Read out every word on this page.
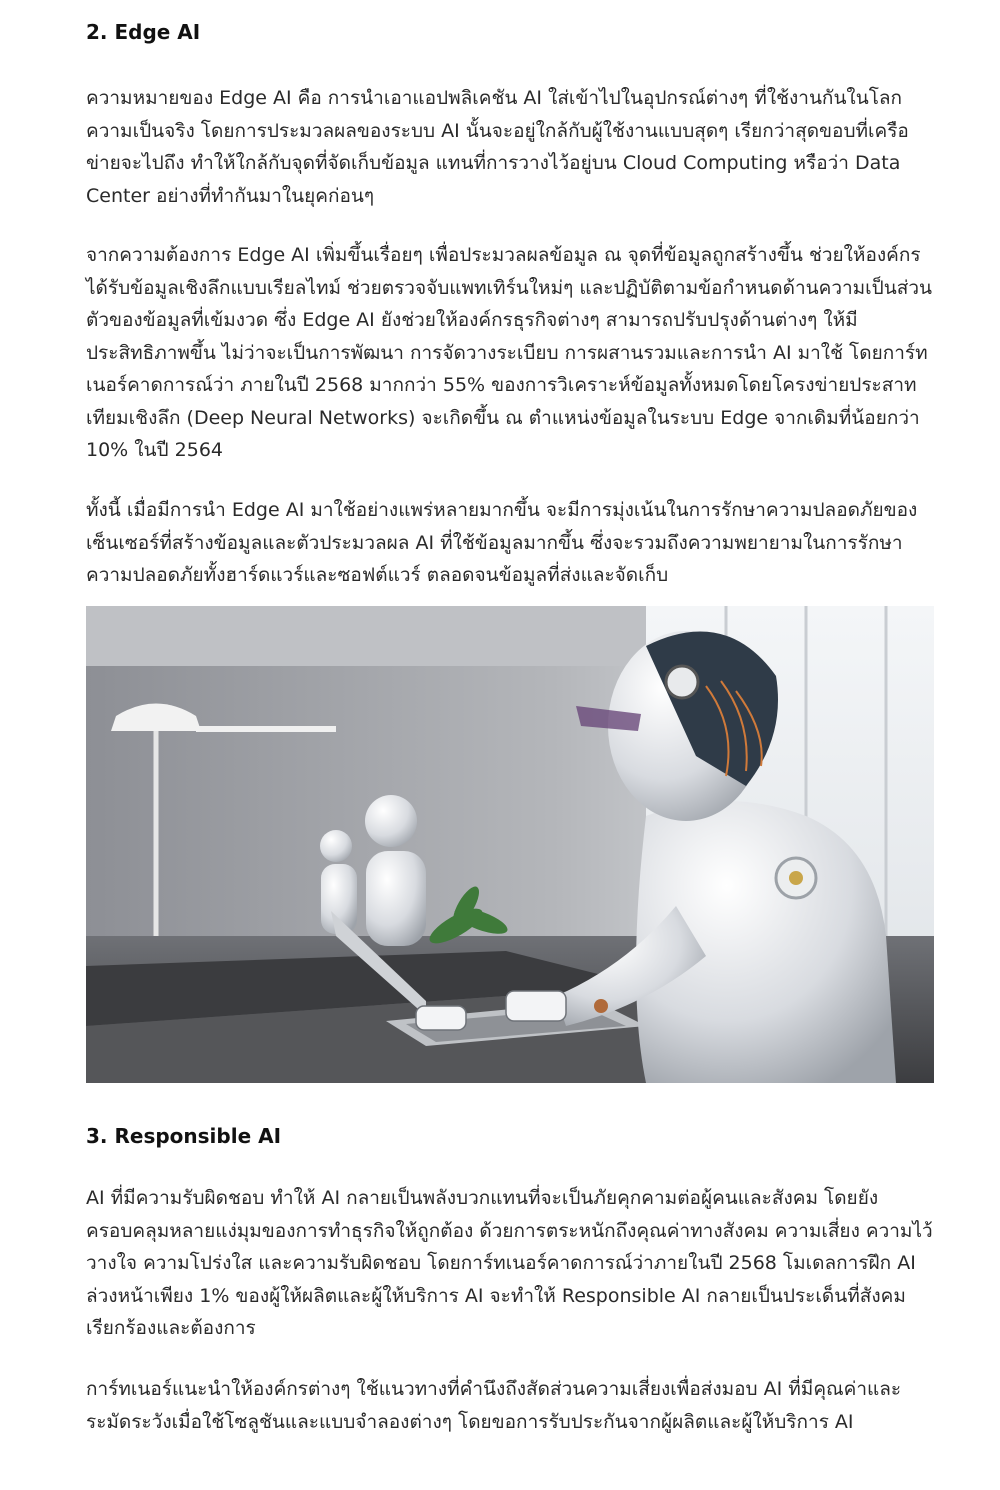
2. Edge AI

ความหมายของ Edge AI คือ การนำเอาแอปพลิเคชัน AI ใส่เข้าไปในอุปกรณ์ต่างๆ ที่ใช้งานกันในโลกความเป็นจริง โดยการประมวลผลของระบบ AI นั้นจะอยู่ใกล้กับผู้ใช้งานแบบสุดๆ เรียกว่าสุดขอบที่เครือข่ายจะไปถึง ทำให้ใกล้กับจุดที่จัดเก็บข้อมูล แทนที่การวางไว้อยู่บน Cloud Computing หรือว่า Data Center อย่างที่ทำกันมาในยุคก่อนๆ

จากความต้องการ Edge AI เพิ่มขึ้นเรื่อยๆ เพื่อประมวลผลข้อมูล ณ จุดที่ข้อมูลถูกสร้างขึ้น ช่วยให้องค์กรได้รับข้อมูลเชิงลึกแบบเรียลไทม์ ช่วยตรวจจับแพทเทิร์นใหม่ๆ และปฏิบัติตามข้อกำหนดด้านความเป็นส่วนตัวของข้อมูลที่เข้มงวด ซึ่ง Edge AI ยังช่วยให้องค์กรธุรกิจต่างๆ สามารถปรับปรุงด้านต่างๆ ให้มีประสิทธิภาพขึ้น ไม่ว่าจะเป็นการพัฒนา การจัดวางระเบียบ การผสานรวมและการนำ AI มาใช้ โดยการ์ทเนอร์คาดการณ์ว่า ภายในปี 2568 มากกว่า 55% ของการวิเคราะห์ข้อมูลทั้งหมดโดยโครงข่ายประสาทเทียมเชิงลึก (Deep Neural Networks) จะเกิดขึ้น ณ ตำแหน่งข้อมูลในระบบ Edge จากเดิมที่น้อยกว่า 10% ในปี 2564

ทั้งนี้ เมื่อมีการนำ Edge AI มาใช้อย่างแพร่หลายมากขึ้น จะมีการมุ่งเน้นในการรักษาความปลอดภัยของเซ็นเซอร์ที่สร้างข้อมูลและตัวประมวลผล AI ที่ใช้ข้อมูลมากขึ้น ซึ่งจะรวมถึงความพยายามในการรักษาความปลอดภัยทั้งฮาร์ดแวร์และซอฟต์แวร์ ตลอดจนข้อมูลที่ส่งและจัดเก็บ

3. Responsible AI

AI ที่มีความรับผิดชอบ ทำให้ AI กลายเป็นพลังบวกแทนที่จะเป็นภัยคุกคามต่อผู้คนและสังคม โดยยังครอบคลุมหลายแง่มุมของการทำธุรกิจให้ถูกต้อง ด้วยการตระหนักถึงคุณค่าทางสังคม ความเสี่ยง ความไว้วางใจ ความโปร่งใส และความรับผิดชอบ โดยการ์ทเนอร์คาดการณ์ว่าภายในปี 2568 โมเดลการฝึก AI ล่วงหน้าเพียง 1% ของผู้ให้ผลิตและผู้ให้บริการ AI จะทำให้ Responsible AI กลายเป็นประเด็นที่สังคมเรียกร้องและต้องการ

การ์ทเนอร์แนะนำให้องค์กรต่างๆ ใช้แนวทางที่คำนึงถึงสัดส่วนความเสี่ยงเพื่อส่งมอบ AI ที่มีคุณค่าและระมัดระวังเมื่อใช้โซลูชันและแบบจำลองต่างๆ โดยขอการรับประกันจากผู้ผลิตและผู้ให้บริการ AI
